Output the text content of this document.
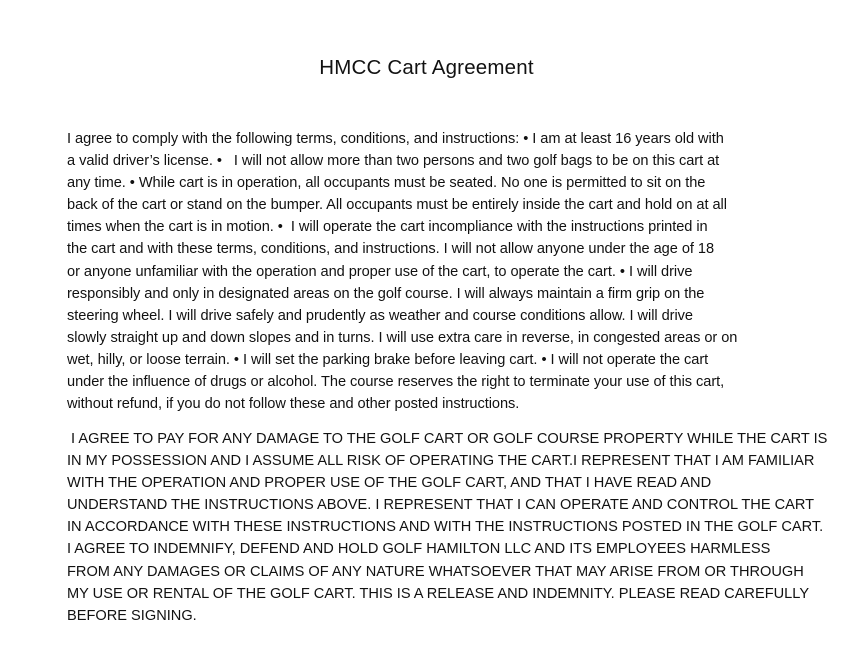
HMCC Cart Agreement
I agree to comply with the following terms, conditions, and instructions: • I am at least 16 years old with
a valid driver’s license. •   I will not allow more than two persons and two golf bags to be on this cart at
any time. • While cart is in operation, all occupants must be seated. No one is permitted to sit on the
back of the cart or stand on the bumper. All occupants must be entirely inside the cart and hold on at all
times when the cart is in motion. •  I will operate the cart incompliance with the instructions printed in
the cart and with these terms, conditions, and instructions. I will not allow anyone under the age of 18
or anyone unfamiliar with the operation and proper use of the cart, to operate the cart. • I will drive
responsibly and only in designated areas on the golf course. I will always maintain a firm grip on the
steering wheel. I will drive safely and prudently as weather and course conditions allow. I will drive
slowly straight up and down slopes and in turns. I will use extra care in reverse, in congested areas or on
wet, hilly, or loose terrain. • I will set the parking brake before leaving cart. • I will not operate the cart
under the influence of drugs or alcohol. The course reserves the right to terminate your use of this cart,
without refund, if you do not follow these and other posted instructions.
I AGREE TO PAY FOR ANY DAMAGE TO THE GOLF CART OR GOLF COURSE PROPERTY WHILE THE CART IS
IN MY POSSESSION AND I ASSUME ALL RISK OF OPERATING THE CART.I REPRESENT THAT I AM FAMILIAR
WITH THE OPERATION AND PROPER USE OF THE GOLF CART, AND THAT I HAVE READ AND
UNDERSTAND THE INSTRUCTIONS ABOVE. I REPRESENT THAT I CAN OPERATE AND CONTROL THE CART
IN ACCORDANCE WITH THESE INSTRUCTIONS AND WITH THE INSTRUCTIONS POSTED IN THE GOLF CART.
I AGREE TO INDEMNIFY, DEFEND AND HOLD GOLF HAMILTON LLC AND ITS EMPLOYEES HARMLESS
FROM ANY DAMAGES OR CLAIMS OF ANY NATURE WHATSOEVER THAT MAY ARISE FROM OR THROUGH
MY USE OR RENTAL OF THE GOLF CART. THIS IS A RELEASE AND INDEMNITY. PLEASE READ CAREFULLY
BEFORE SIGNING.
